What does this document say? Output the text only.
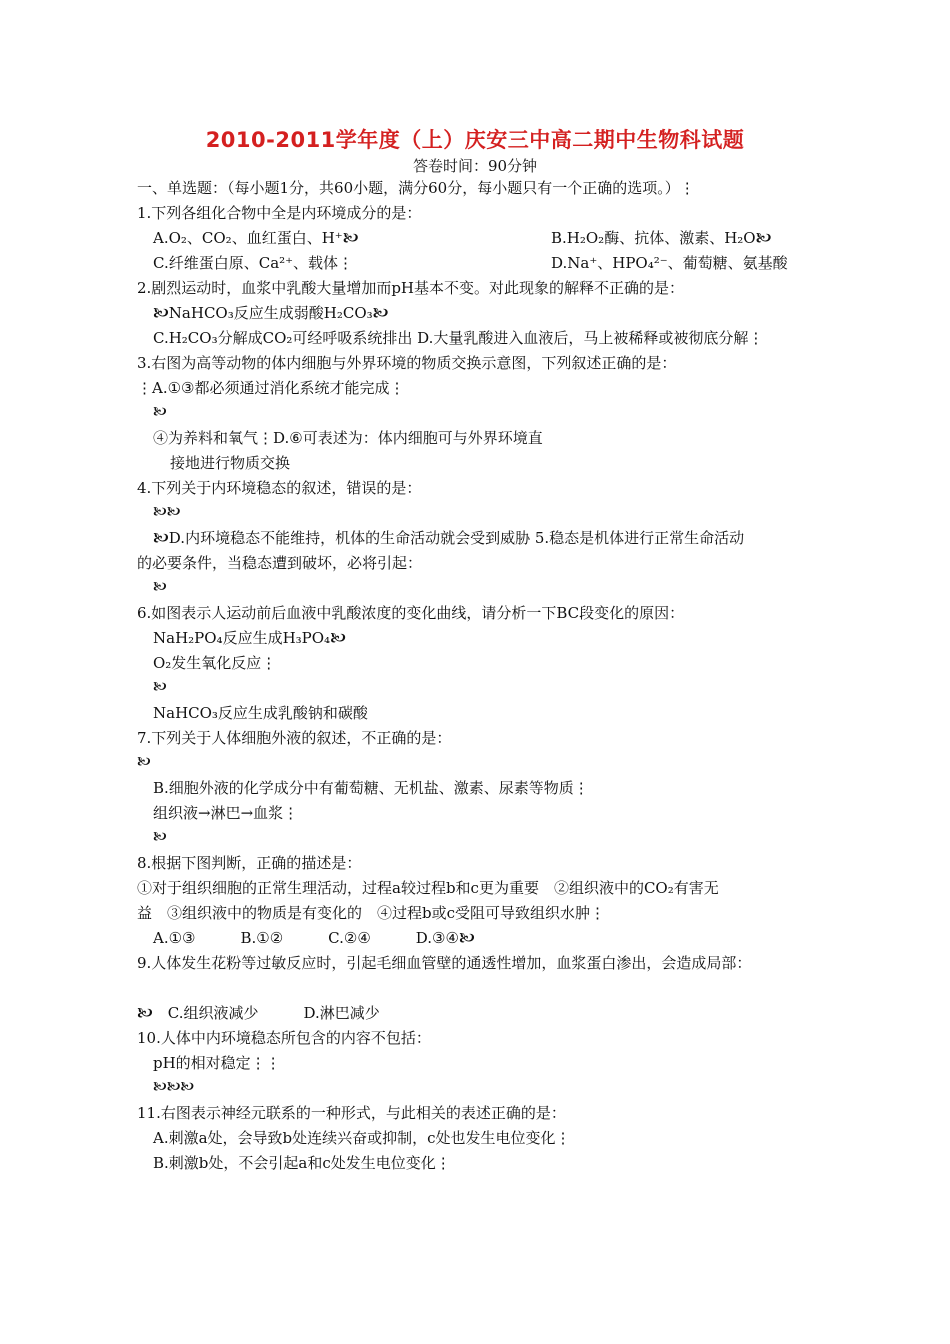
2010-2011学年度（上）庆安三中高二期中生物科试题
答卷时间：90分钟
一、单选题：（每小题1分，共60小题，满分60分，每小题只有一个正确的选项。）⋮
1.下列各组化合物中全是内环境成分的是：
A.O₂、CO₂、血红蛋白、H⁺🙤	B.H₂O₂酶、抗体、激素、H₂O🙤
C.纤维蛋白原、Ca²⁺、载体⋮	D.Na⁺、HPO₄²⁻、葡萄糖、氨基酸
2.剧烈运动时，血浆中乳酸大量增加而pH基本不变。对此现象的解释不正确的是：
🙤NaHCO₃反应生成弱酸H₂CO₃🙤
C.H₂CO₃分解成CO₂可经呼吸系统排出 D.大量乳酸进入血液后，马上被稀释或被彻底分解⋮
3.右图为高等动物的体内细胞与外界环境的物质交换示意图，下列叙述正确的是：
⋮A.①③都必须通过消化系统才能完成⋮
🙤
④为养料和氧气⋮D.⑥可表述为：体内细胞可与外界环境直
接地进行物质交换
4.下列关于内环境稳态的叙述，错误的是：
🙤🙤
🙤D.内环境稳态不能维持，机体的生命活动就会受到威胁 5.稳态是机体进行正常生命活动
的必要条件，当稳态遭到破坏，必将引起：
🙤
6.如图表示人运动前后血液中乳酸浓度的变化曲线，请分析一下BC段变化的原因：
NaH₂PO₄反应生成H₃PO₄🙤
O₂发生氧化反应⋮
🙤
NaHCO₃反应生成乳酸钠和碳酸
7.下列关于人体细胞外液的叙述，不正确的是：
🙤
B.细胞外液的化学成分中有葡萄糖、无机盐、激素、尿素等物质⋮
组织液→淋巴→血浆⋮
🙤
8.根据下图判断，正确的描述是：
①对于组织细胞的正常生理活动，过程a较过程b和c更为重要　②组织液中的CO₂有害无
益　③组织液中的物质是有变化的　④过程b或c受阻可导致组织水肿⋮
A.①③　　　B.①②　　　C.②④　　　D.③④🙤
9.人体发生花粉等过敏反应时，引起毛细血管壁的通透性增加，血浆蛋白渗出，会造成局部：
🙤　C.组织液减少　　　D.淋巴减少
10.人体中内环境稳态所包含的内容不包括：
pH的相对稳定⋮⋮
🙤🙤🙤
11.右图表示神经元联系的一种形式，与此相关的表述正确的是：
A.刺激a处，会导致b处连续兴奋或抑制，c处也发生电位变化⋮
B.刺激b处，不会引起a和c处发生电位变化⋮
